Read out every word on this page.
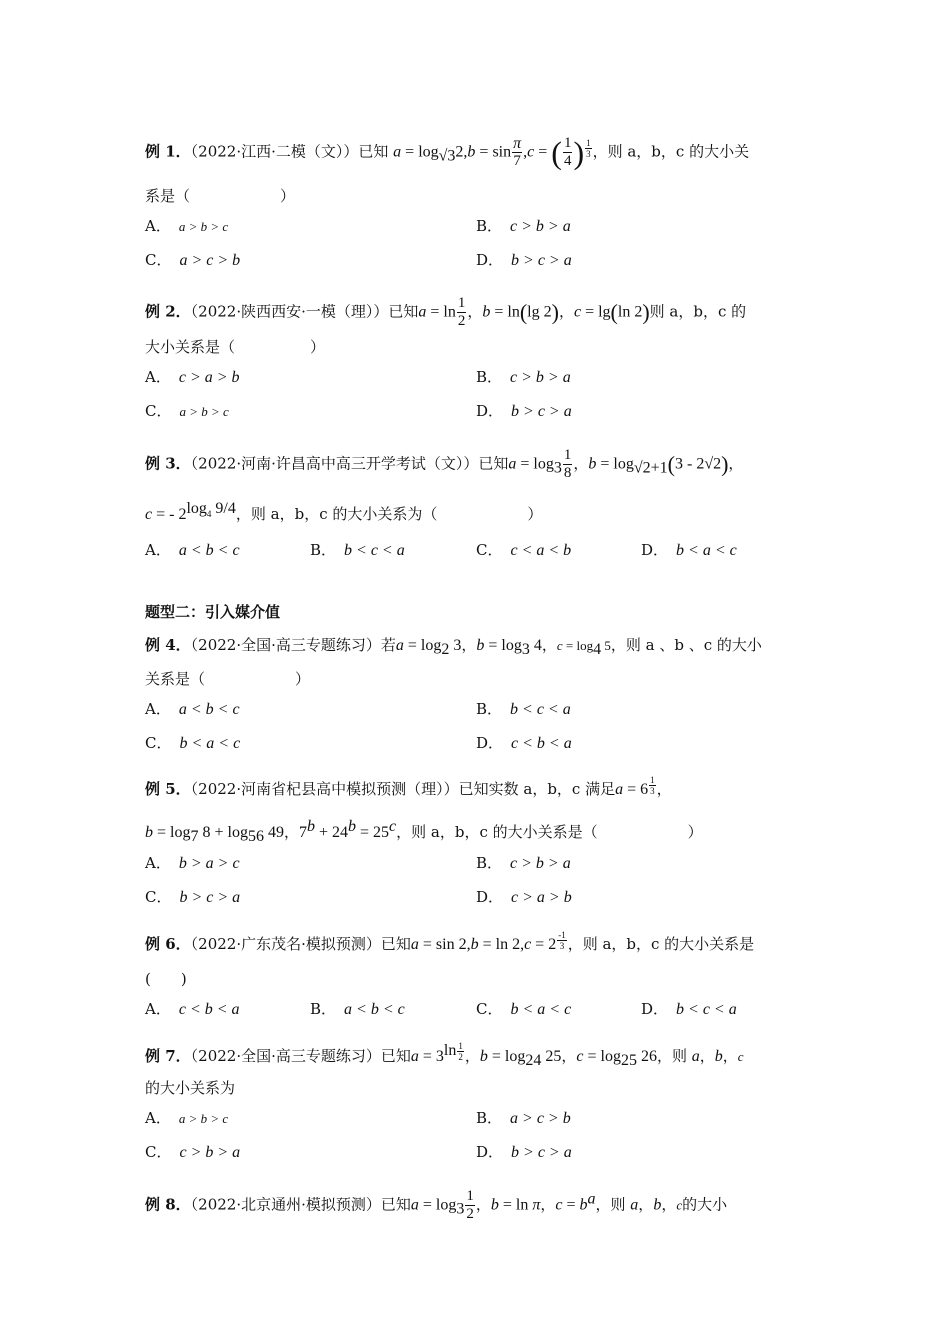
例 1．（2022·江西·二模（文））已知 $a = \log_{√3}2,b = \sin \frac{\pi}{7} ,c$ = ( $\frac{1}{4}$ ) $^{\frac{1}{3}}$ ，则 a，b，c 的大小关
系是（　　　　　　）
A． a > b > c	B． c > b > a
C． a > c > b	D． b > c > a
例 2．（2022·陕西西安·一模（理））已知$a = \ln \frac{1}{2}$ ，b = ln(lg 2)，c = lg(ln 2)则 a，b，c 的
大小关系是（　　　　　）
A． c > a > b	B． c > b > a
C． a > b > c	D． b > c > a
例 3．（2022·河南·许昌高中高三开学考试（文））已知$a = \log_3 \frac{1}{8}$ ，$b = \log_{√2+1}(3 - 2√2)$，
c = - $2^{log_4 9/4}$，则 a，b，c 的大小关系为（　　　　　　）
A． a < b < c	B． b < c < a	C． c < a < b	D． b < a < c
题型二：引入媒介值
例 4．（2022·全国·高三专题练习）若$a = \log_2 3$，$b = \log_3 4$，$c = \log_4 5$，则 a 、b 、c 的大小
关系是（　　　　　　）
A． a < b < c	B． b < c < a
C． b < a < c	D． c < b < a
例 5．（2022·河南省杞县高中模拟预测（理））已知实数 a，b，c 满足a = 6 $^{\frac{1}{3}}$ ，
$b = \log_7 8 + \log_{56} 49$，$7^b + 24^b = 25^c$，则 a，b，c 的大小关系是（　　　　　　）
A． b > a > c	B． c > b > a
C． b > c > a	D． c > a > b
例 6．（2022·广东茂名·模拟预测）已知a = sin 2,b = ln 2,c = 2 $^{\frac{-1}{3}}$ ，则 a，b，c 的大小关系是
(　　)
A． c < b < a	B． a < b < c	C． b < a < c	D． b < c < a
例 7．（2022·全国·高三专题练习）已知$a = 3^{ln \frac{1}{2}}$ ，$b = \log_{24} 25$，$c = \log_{25} 26$，则 a，b，c
的大小关系为
A． a > b > c	B． a > c > b
C． c > b > a	D． b > c > a
例 8．（2022·北京通州·模拟预测）已知$a = \log_3 \frac{1}{2}$ ，b = ln π，$c = b^a$，则 a，b，c的大小
